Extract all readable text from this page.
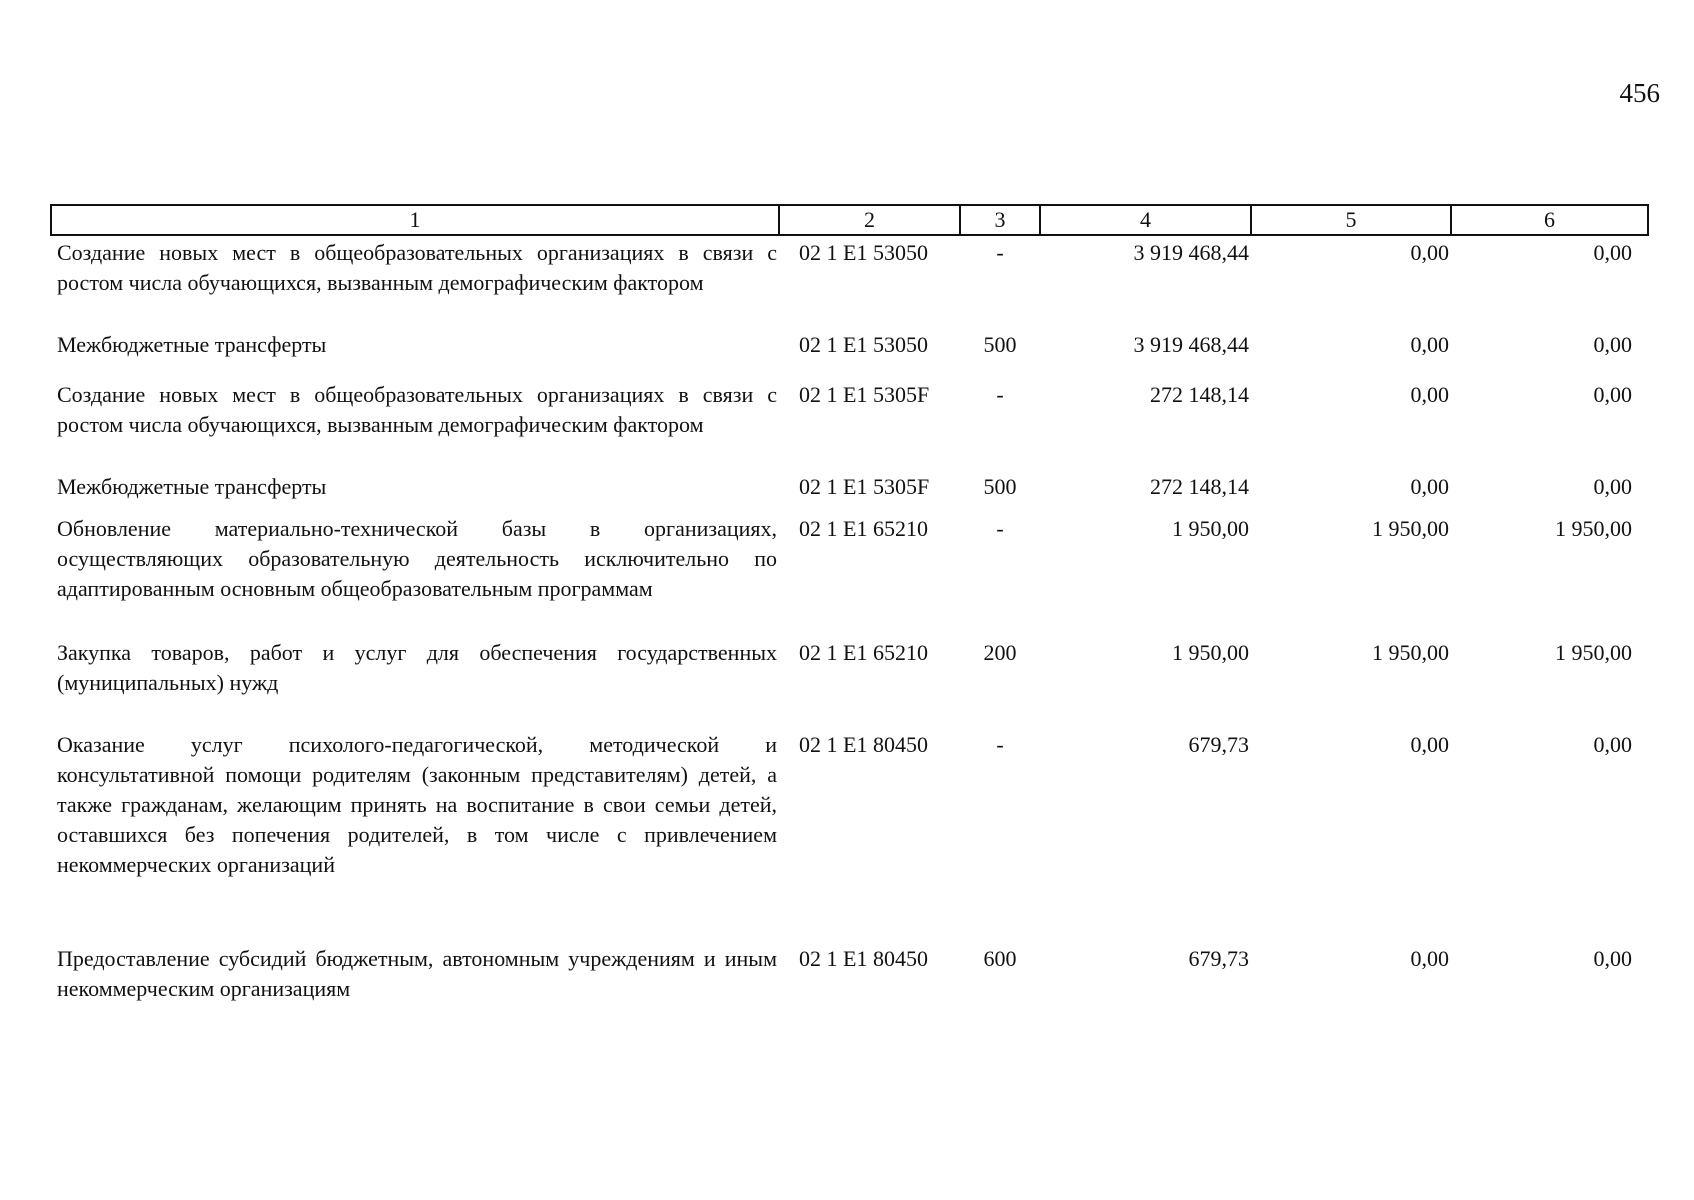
456
1	2	3	4	5	6

Создание новых мест в общеобразовательных организациях в связи с ростом числа обучающихся, вызванным демографическим фактором	02 1 E1 53050	-	3 919 468,44	0,00	0,00

Межбюджетные трансферты	02 1 E1 53050	500	3 919 468,44	0,00	0,00

Создание новых мест в общеобразовательных организациях в связи с ростом числа обучающихся, вызванным демографическим фактором	02 1 E1 5305F	-	272 148,14	0,00	0,00

Межбюджетные трансферты	02 1 E1 5305F	500	272 148,14	0,00	0,00

Обновление материально-технической базы в организациях, осуществляющих образовательную деятельность исключительно по адаптированным основным общеобразовательным программам	02 1 E1 65210	-	1 950,00	1 950,00	1 950,00

Закупка товаров, работ и услуг для обеспечения государственных (муниципальных) нужд	02 1 E1 65210	200	1 950,00	1 950,00	1 950,00

Оказание услуг психолого-педагогической, методической и консультативной помощи родителям (законным представителям) детей, а также гражданам, желающим принять на воспитание в свои семьи детей, оставшихся без попечения родителей, в том числе с привлечением некоммерческих организаций	02 1 E1 80450	-	679,73	0,00	0,00

Предоставление субсидий бюджетным, автономным учреждениям и иным некоммерческим организациям	02 1 E1 80450	600	679,73	0,00	0,00
